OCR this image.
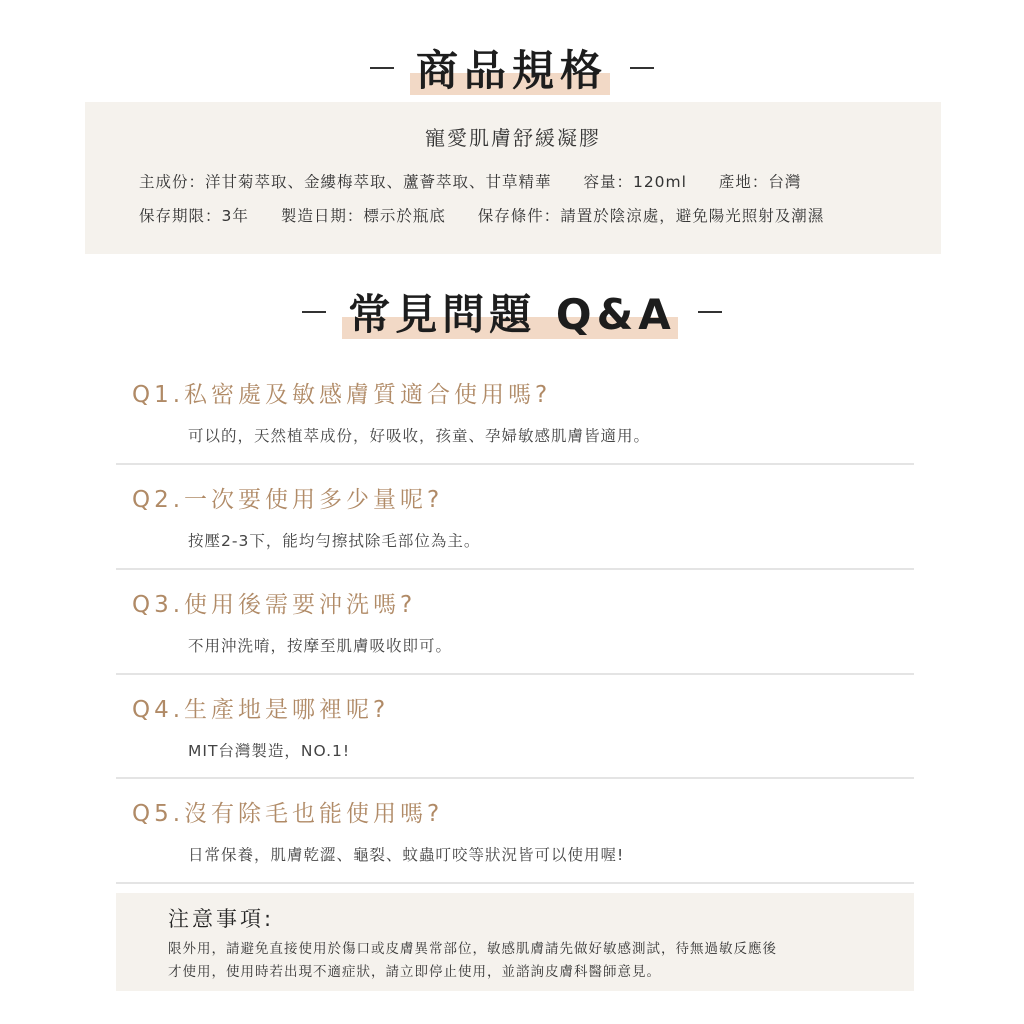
商品規格
寵愛肌膚舒緩凝膠
主成份：洋甘菊萃取、金縷梅萃取、蘆薈萃取、甘草精華 容量：120ml 產地：台灣
保存期限：3年 製造日期：標示於瓶底 保存條件：請置於陰涼處，避免陽光照射及潮濕
常見問題 Q&A
Q1.私密處及敏感膚質適合使用嗎?
可以的，天然植萃成份，好吸收，孩童、孕婦敏感肌膚皆適用。
Q2.一次要使用多少量呢?
按壓2-3下，能均勻擦拭除毛部位為主。
Q3.使用後需要沖洗嗎?
不用沖洗唷，按摩至肌膚吸收即可。
Q4.生產地是哪裡呢?
MIT台灣製造，NO.1!
Q5.沒有除毛也能使用嗎?
日常保養，肌膚乾澀、龜裂、蚊蟲叮咬等狀況皆可以使用喔!
注意事項:
限外用，請避免直接使用於傷口或皮膚異常部位，敏感肌膚請先做好敏感測試，待無過敏反應後
才使用，使用時若出現不適症狀，請立即停止使用，並諮詢皮膚科醫師意見。
